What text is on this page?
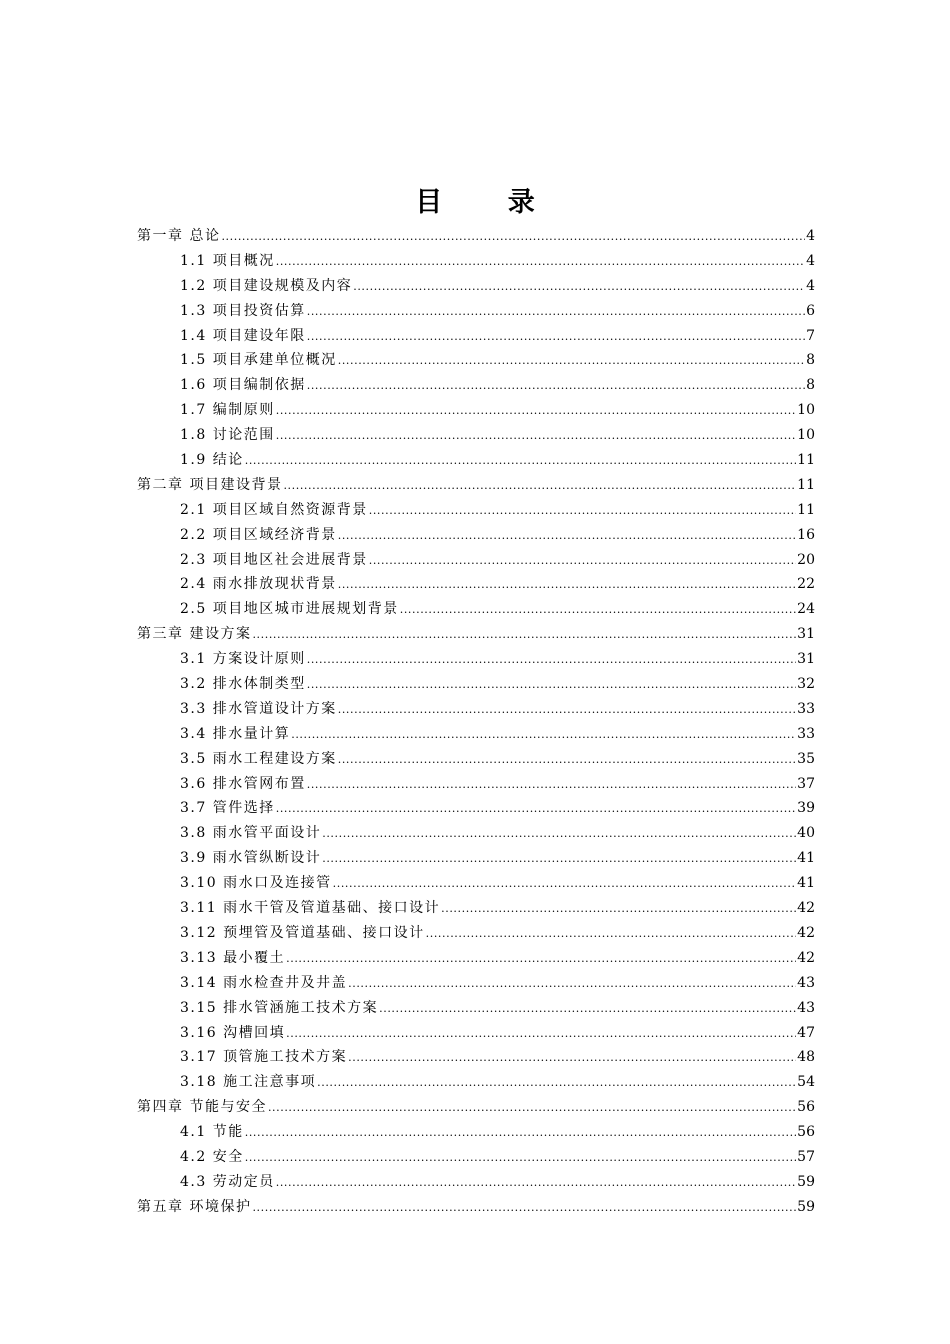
目 录
第一章 总论 .....	4
1.1 项目概况 .....	4
1.2 项目建设规模及内容 .....	4
1.3 项目投资估算 .....	6
1.4 项目建设年限 .....	7
1.5 项目承建单位概况 .....	8
1.6 项目编制依据 .....	8
1.7 编制原则 .....	10
1.8 讨论范围 .....	10
1.9 结论 .....	11
第二章 项目建设背景 .....	11
2.1 项目区域自然资源背景 .....	11
2.2 项目区域经济背景 .....	16
2.3 项目地区社会进展背景 .....	20
2.4 雨水排放现状背景 .....	22
2.5 项目地区城市进展规划背景 .....	24
第三章 建设方案 .....	31
3.1 方案设计原则 .....	31
3.2 排水体制类型 .....	32
3.3 排水管道设计方案 .....	33
3.4 排水量计算 .....	33
3.5 雨水工程建设方案 .....	35
3.6 排水管网布置 .....	37
3.7 管件选择 .....	39
3.8 雨水管平面设计 .....	40
3.9 雨水管纵断设计 .....	41
3.10 雨水口及连接管 .....	41
3.11 雨水干管及管道基础、接口设计 .....	42
3.12 预埋管及管道基础、接口设计 .....	42
3.13 最小覆土 .....	42
3.14 雨水检查井及井盖 .....	43
3.15 排水管涵施工技术方案 .....	43
3.16 沟槽回填 .....	47
3.17 顶管施工技术方案 .....	48
3.18 施工注意事项 .....	54
第四章 节能与安全 .....	56
4.1 节能 .....	56
4.2 安全 .....	57
4.3 劳动定员 .....	59
第五章 环境保护 .....	59
